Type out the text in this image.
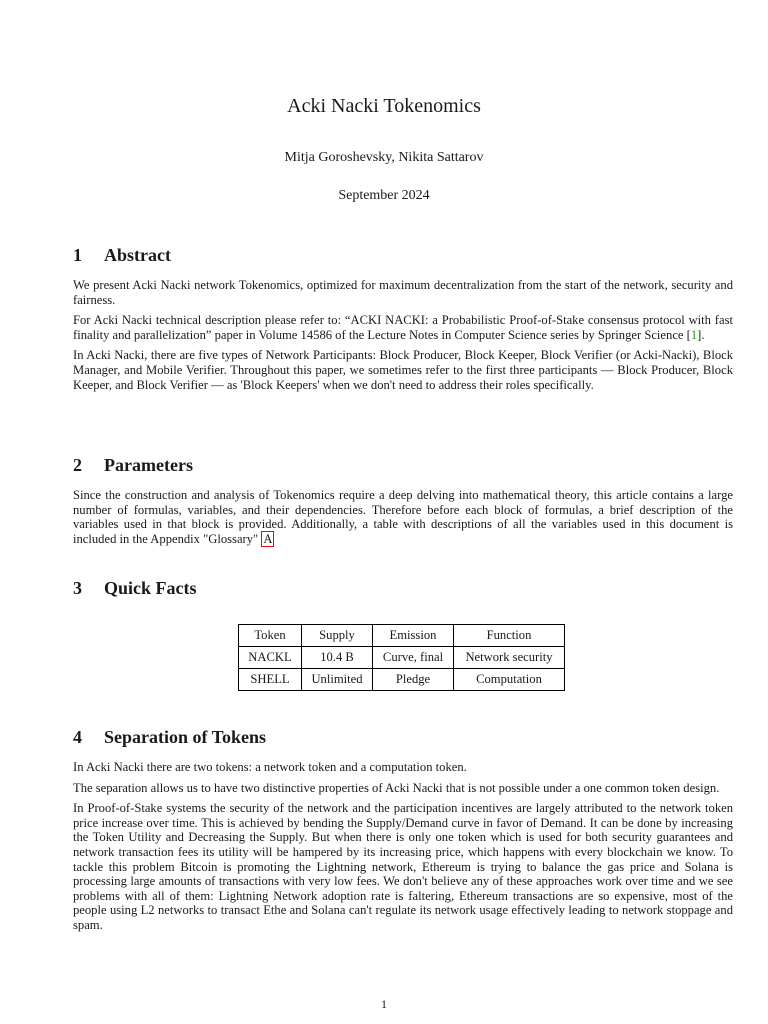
Acki Nacki Tokenomics
Mitja Goroshevsky, Nikita Sattarov
September 2024
1	Abstract

We present Acki Nacki network Tokenomics, optimized for maximum decentralization from the start of the network, security and fairness.

For Acki Nacki technical description please refer to: “ACKI NACKI: a Probabilistic Proof-of-Stake consensus protocol with fast finality and parallelization” paper in Volume 14586 of the Lecture Notes in Computer Science series by Springer Science [1].

In Acki Nacki, there are five types of Network Participants: Block Producer, Block Keeper, Block Verifier (or Acki-Nacki), Block Manager, and Mobile Verifier. Throughout this paper, we sometimes refer to the first three participants — Block Producer, Block Keeper, and Block Verifier — as 'Block Keepers' when we don't need to address their roles specifically.

2	Parameters

Since the construction and analysis of Tokenomics require a deep delving into mathematical theory, this article contains a large number of formulas, variables, and their dependencies. Therefore before each block of formulas, a brief description of the variables used in that block is provided. Additionally, a table with descriptions of all the variables used in this document is included in the Appendix "Glossary" A

3	Quick Facts
Token	Supply	Emission	Function
NACKL	10.4 B	Curve, final	Network security
SHELL	Unlimited	Pledge	Computation
4	Separation of Tokens

In Acki Nacki there are two tokens: a network token and a computation token.

The separation allows us to have two distinctive properties of Acki Nacki that is not possible under a one common token design.

In Proof-of-Stake systems the security of the network and the participation incentives are largely attributed to the network token price increase over time. This is achieved by bending the Supply/Demand curve in favor of Demand. It can be done by increasing the Token Utility and Decreasing the Supply. But when there is only one token which is used for both security guarantees and network transaction fees its utility will be hampered by its increasing price, which happens with every blockchain we know. To tackle this problem Bitcoin is promoting the Lightning network, Ethereum is trying to balance the gas price and Solana is processing large amounts of transactions with very low fees. We don't believe any of these approaches work over time and we see problems with all of them: Lightning Network adoption rate is faltering, Ethereum transactions are so expensive, most of the people using L2 networks to transact Ethe and Solana can't regulate its network usage effectively leading to network stoppage and spam.

1
